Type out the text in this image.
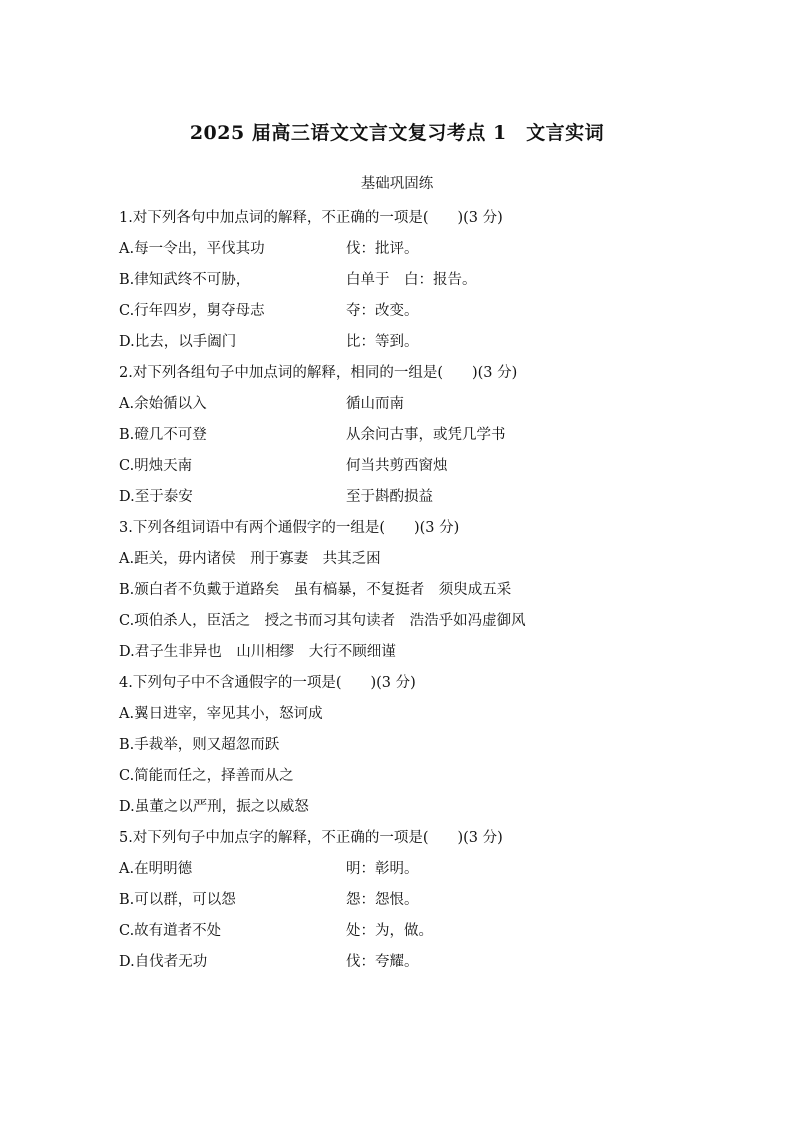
2025 届高三语文文言文复习考点 1　文言实词
基础巩固练
1.对下列各句中加点词的解释，不正确的一项是(　　)(3 分)
A.每一令出，平伐其功	伐：批评。
B.律知武终不可胁，	白单于　白：报告。
C.行年四岁，舅夺母志	夺：改变。
D.比去，以手阖门	比：等到。
2.对下列各组句子中加点词的解释，相同的一组是(　　)(3 分)
A.余始循以入	循山而南
B.磴几不可登	从余问古事，或凭几学书
C.明烛天南	何当共剪西窗烛
D.至于泰安	至于斟酌损益
3.下列各组词语中有两个通假字的一组是(　　)(3 分)
A.距关，毋内诸侯　刑于寡妻　共其乏困
B.颁白者不负戴于道路矣　虽有槁暴，不复挺者　须臾成五采
C.项伯杀人，臣活之　授之书而习其句读者　浩浩乎如冯虚御风
D.君子生非异也　山川相缪　大行不顾细谨
4.下列句子中不含通假字的一项是(　　)(3 分)
A.翼日进宰，宰见其小，怒诃成
B.手裁举，则又超忽而跃
C.简能而任之，择善而从之
D.虽董之以严刑，振之以威怒
5.对下列句子中加点字的解释，不正确的一项是(　　)(3 分)
A.在明明德	明：彰明。
B.可以群，可以怨	怨：怨恨。
C.故有道者不处	处：为，做。
D.自伐者无功	伐：夸耀。
